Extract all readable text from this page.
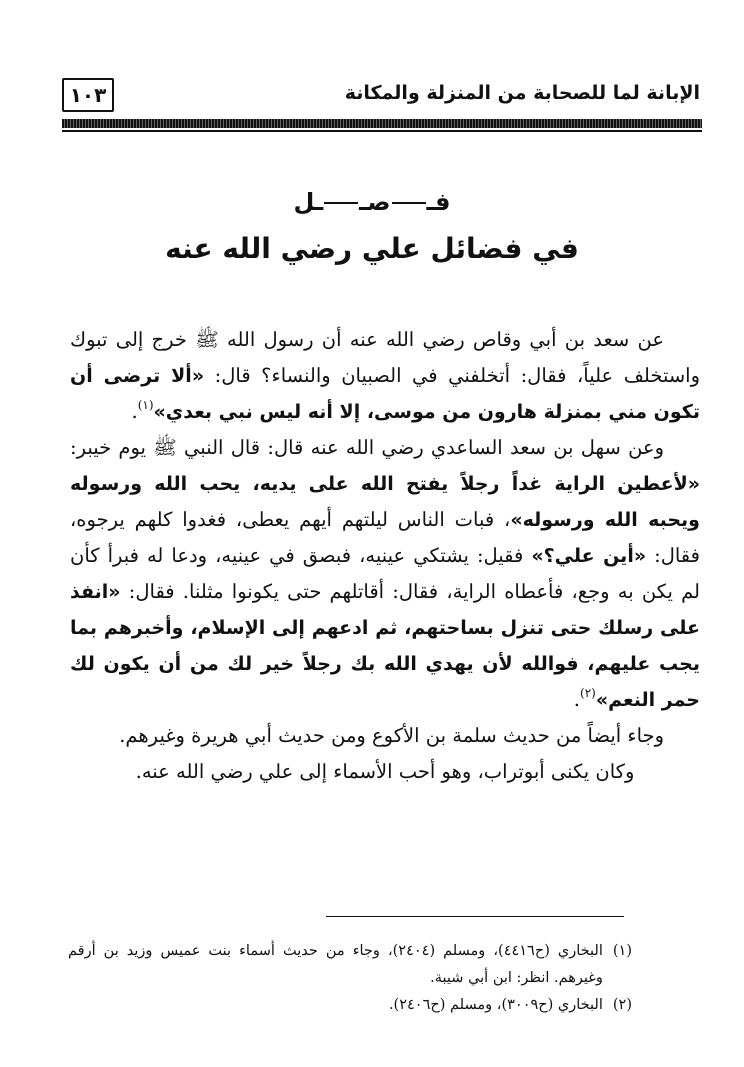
الإبانة لما للصحابة من المنزلة والمكانة
١٠٣
فـصــل
في فضائل علي رضي الله عنه

عن سعد بن أبي وقاص رضي الله عنه أن رسول الله ﷺ خرج إلى تبوك واستخلف علياً، فقال: أتخلفني في الصبيان والنساء؟ قال: «ألا ترضى أن تكون مني بمنزلة هارون من موسى، إلا أنه ليس نبي بعدي»$^{(١)}$.

وعن سهل بن سعد الساعدي رضي الله عنه قال: قال النبي ﷺ يوم خيبر: «لأعطين الراية غداً رجلاً يفتح الله على يديه، يحب الله ورسوله ويحبه الله ورسوله»، فبات الناس ليلتهم أيهم يعطى، فغدوا كلهم يرجوه، فقال: «أين علي؟» فقيل: يشتكي عينيه، فبصق في عينيه، ودعا له فبرأ كأن لم يكن به وجع، فأعطاه الراية، فقال: أقاتلهم حتى يكونوا مثلنا. فقال: «انفذ على رسلك حتى تنزل بساحتهم، ثم ادعهم إلى الإسلام، وأخبرهم بما يجب عليهم، فوالله لأن يهدي الله بك رجلاً خير لك من أن يكون لك حمر النعم»$^{(٢)}$.

وجاء أيضاً من حديث سلمة بن الأكوع ومن حديث أبي هريرة وغيرهم.

وكان يكنى أبوتراب، وهو أحب الأسماء إلى علي رضي الله عنه.

(١)
البخاري (ح٤٤١٦)، ومسلم (٢٤٠٤)، وجاء من حديث أسماء بنت عميس وزيد بن أرقم وغيرهم. انظر: ابن أبي شيبة.
(٢)
البخاري (ح٣٠٠٩)، ومسلم (ح٢٤٠٦).
